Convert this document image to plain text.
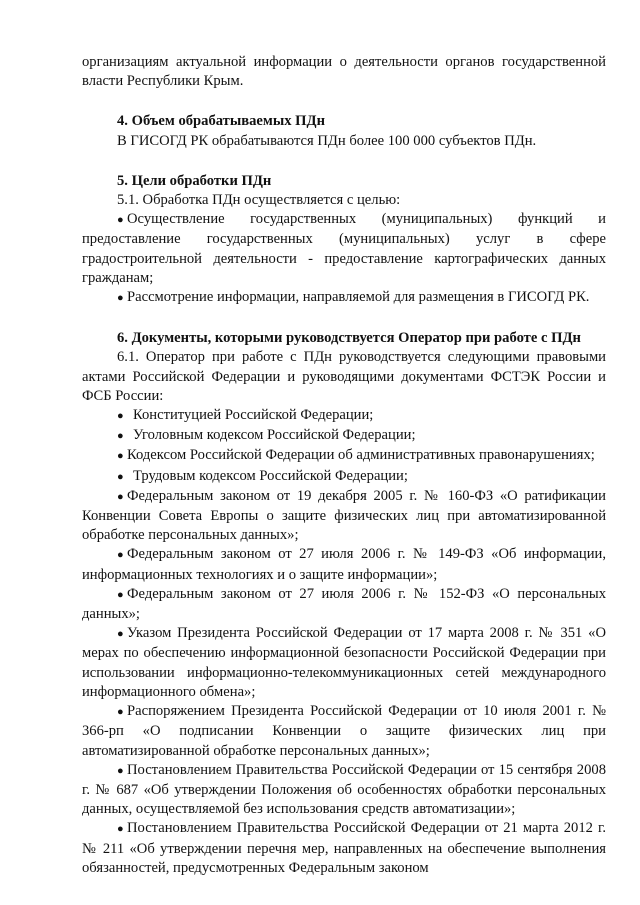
организациям актуальной информации о деятельности органов государственной власти Республики Крым.

4. Объем обрабатываемых ПДн

В ГИСОГД РК обрабатываются ПДн более 100 000 субъектов ПДн.

5. Цели обработки ПДн

5.1. Обработка ПДн осуществляется с целью:

● Осуществление государственных (муниципальных) функций и предоставление государственных (муниципальных) услуг в сфере градостроительной деятельности - предоставление картографических данных гражданам;

● Рассмотрение информации, направляемой для размещения в ГИСОГД РК.

6. Документы, которыми руководствуется Оператор при работе с ПДн

6.1. Оператор при работе с ПДн руководствуется следующими правовыми актами Российской Федерации и руководящими документами ФСТЭК России и ФСБ России:

● Конституцией Российской Федерации;

● Уголовным кодексом Российской Федерации;

● Кодексом Российской Федерации об административных правонарушениях;

● Трудовым кодексом Российской Федерации;

● Федеральным законом от 19 декабря 2005 г. № 160-ФЗ «О ратификации Конвенции Совета Европы о защите физических лиц при автоматизированной обработке персональных данных»;

● Федеральным законом от 27 июля 2006 г. № 149-ФЗ «Об информации, информационных технологиях и о защите информации»;

● Федеральным законом от 27 июля 2006 г. № 152-ФЗ «О персональных данных»;

● Указом Президента Российской Федерации от 17 марта 2008 г. № 351 «О мерах по обеспечению информационной безопасности Российской Федерации при использовании информационно-телекоммуникационных сетей международного информационного обмена»;

● Распоряжением Президента Российской Федерации от 10 июля 2001 г. № 366-рп «О подписании Конвенции о защите физических лиц при автоматизированной обработке персональных данных»;

● Постановлением Правительства Российской Федерации от 15 сентября 2008 г. № 687 «Об утверждении Положения об особенностях обработки персональных данных, осуществляемой без использования средств автоматизации»;

● Постановлением Правительства Российской Федерации от 21 марта 2012 г. № 211 «Об утверждении перечня мер, направленных на обеспечение выполнения обязанностей, предусмотренных Федеральным законом
